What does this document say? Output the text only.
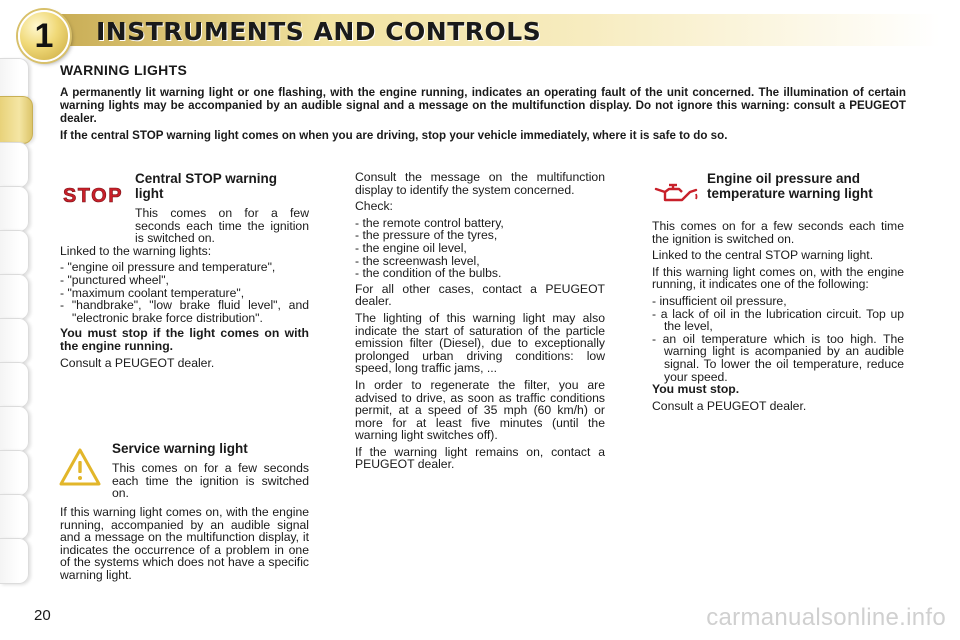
1	INSTRUMENTS AND CONTROLS
WARNING LIGHTS

A permanently lit warning light or one flashing, with the engine running, indicates an operating fault of the unit concerned. The illumination of certain warning lights may be accompanied by an audible signal and a message on the multifunction display. Do not ignore this warning: consult a PEUGEOT dealer.

If the central STOP warning light comes on when you are driving, stop your vehicle immediately, where it is safe to do so.

STOP
Central STOP warning light

This comes on for a few seconds each time the ignition is switched on.

Linked to the warning lights:

- "engine oil pressure and temperature",
- "punctured wheel",
- "maximum coolant temperature",
- "handbrake", "low brake fluid level", and "electronic brake force distribution".

You must stop if the light comes on with the engine running.

Consult a PEUGEOT dealer.

Service warning light

This comes on for a few seconds each time the ignition is switched on.

If this warning light comes on, with the engine running, accompanied by an audible signal and a message on the multifunction display, it indicates the occurrence of a problem in one of the systems which does not have a specific warning light.

Consult the message on the multifunction display to identify the system concerned.

Check:

- the remote control battery,
- the pressure of the tyres,
- the engine oil level,
- the screenwash level,
- the condition of the bulbs.

For all other cases, contact a PEUGEOT dealer.

The lighting of this warning light may also indicate the start of saturation of the particle emission filter (Diesel), due to exceptionally prolonged urban driving conditions: low speed, long traffic jams, ...

In order to regenerate the filter, you are advised to drive, as soon as traffic conditions permit, at a speed of 35 mph (60 km/h) or more for at least five minutes (until the warning light switches off).

If the warning light remains on, contact a PEUGEOT dealer.

Engine oil pressure and temperature warning light

This comes on for a few seconds each time the ignition is switched on.

Linked to the central STOP warning light.

If this warning light comes on, with the engine running, it indicates one of the following:

- insufficient oil pressure,
- a lack of oil in the lubrication circuit. Top up the level,

- an oil temperature which is too high. The warning light is acompanied by an audible signal. To lower the oil temperature, reduce your speed.

You must stop.

Consult a PEUGEOT dealer.

20	carmanualsonline.info
